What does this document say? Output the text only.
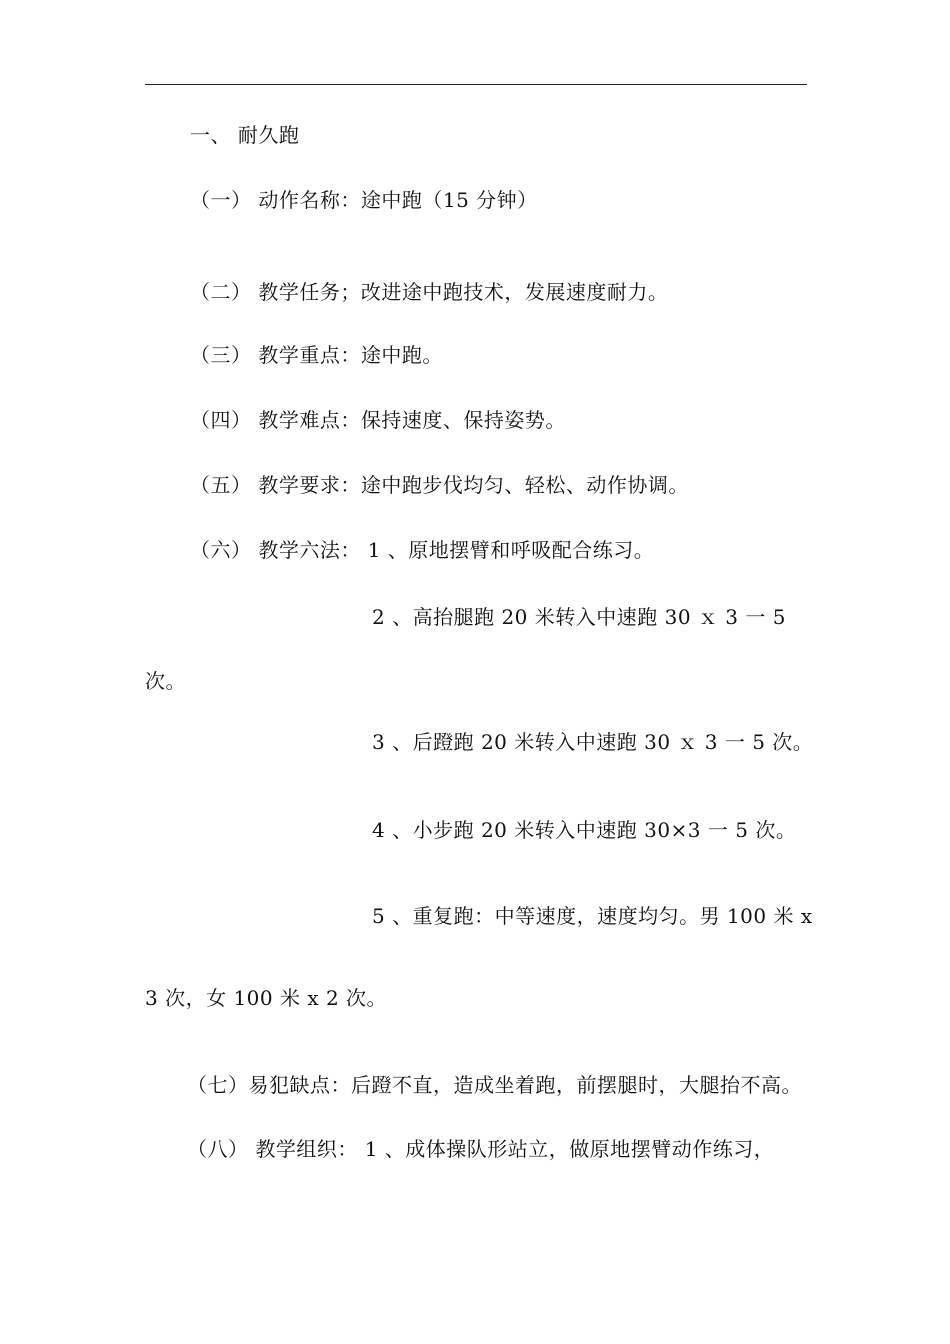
一、 耐久跑
（一） 动作名称：途中跑（15 分钟）
（二） 教学任务；改进途中跑技术，发展速度耐力。
（三） 教学重点：途中跑。
（四） 教学难点：保持速度、保持姿势。
（五） 教学要求：途中跑步伐均匀、轻松、动作协调。
（六） 教学六法： 1 、原地摆臂和呼吸配合练习。
2 、高抬腿跑 20 米转入中速跑 30 ｘ 3 一 5
次。
3 、后蹬跑 20 米转入中速跑 30 ｘ 3 一 5 次。
4 、小步跑 20 米转入中速跑 30×3 一 5 次。
5 、重复跑：中等速度，速度均匀。男 100 米 x
3 次，女 100 米 x 2 次。
（七）易犯缺点：后蹬不直，造成坐着跑，前摆腿时，大腿抬不高。
（八） 教学组织： 1 、成体操队形站立，做原地摆臂动作练习，
